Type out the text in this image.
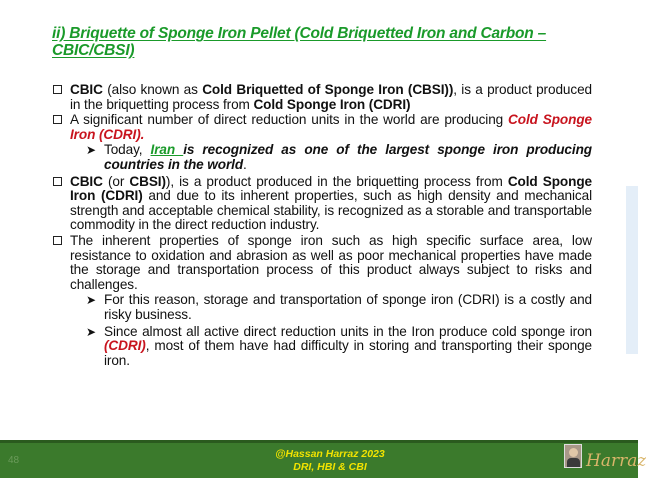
ii) Briquette of Sponge Iron Pellet (Cold Briquetted Iron and Carbon – CBIC/CBSI)
CBIC (also known as Cold Briquetted of Sponge Iron (CBSI)), is a product produced in the briquetting process from Cold Sponge Iron (CDRI)
A significant number of direct reduction units in the world are producing Cold Sponge Iron (CDRI).
➤ Today, Iran is recognized as one of the largest sponge iron producing countries in the world.
CBIC (or CBSI)), is a product produced in the briquetting process from Cold Sponge Iron (CDRI) and due to its inherent properties, such as high density and mechanical strength and acceptable chemical stability, is recognized as a storable and transportable commodity in the direct reduction industry.
The inherent properties of sponge iron such as high specific surface area, low resistance to oxidation and abrasion as well as poor mechanical properties have made the storage and transportation process of this product always subject to risks and challenges.
➤ For this reason, storage and transportation of sponge iron (CDRI) is a costly and risky business.
➤ Since almost all active direct reduction units in the Iron produce cold sponge iron (CDRI), most of them have had difficulty in storing and transporting their sponge iron.
48
@Hassan Harraz 2023
DRI, HBI & CBI	Harraz
